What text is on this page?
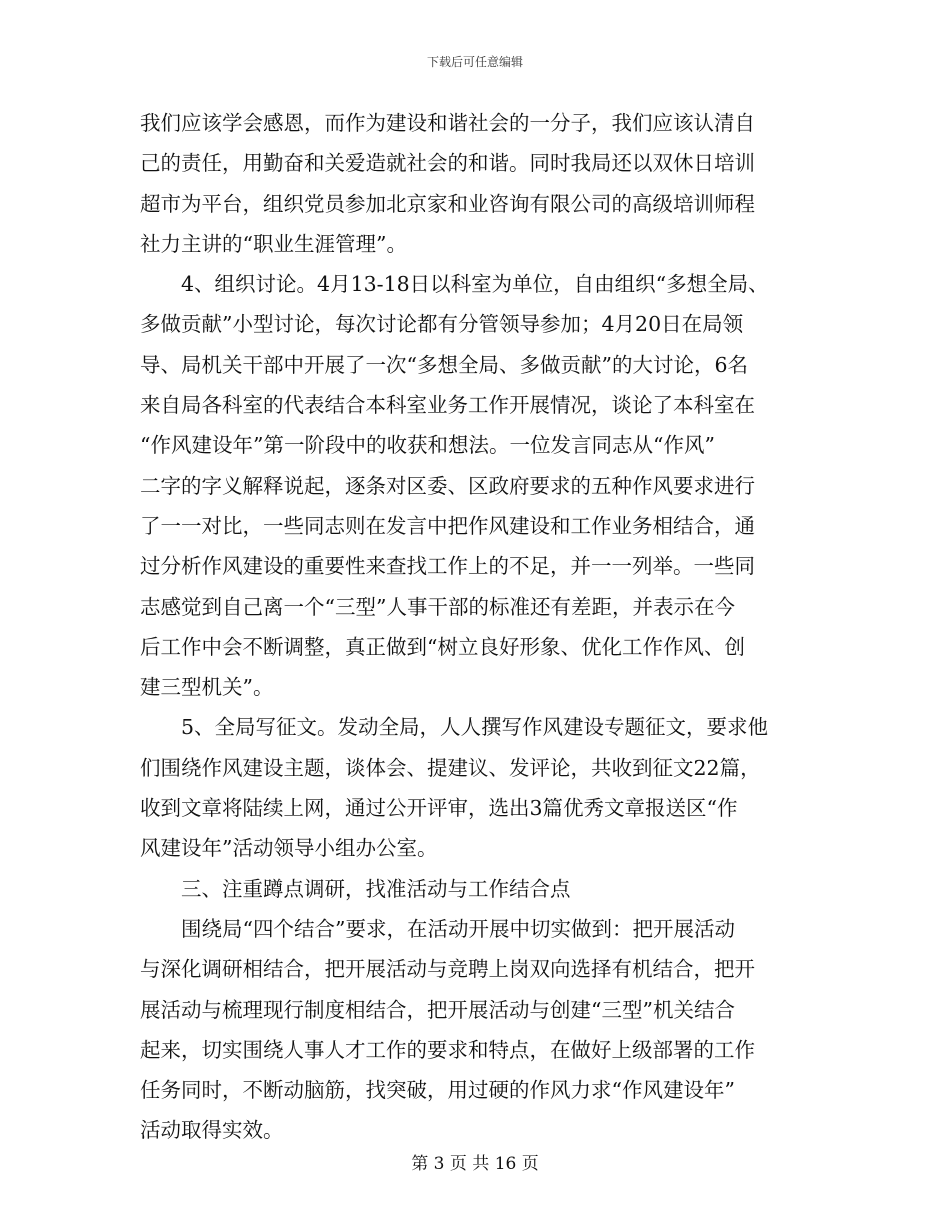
下载后可任意编辑
我们应该学会感恩，而作为建设和谐社会的一分子，我们应该认清自
己的责任，用勤奋和关爱造就社会的和谐。同时我局还以双休日培训
超市为平台，组织党员参加北京家和业咨询有限公司的高级培训师程
社力主讲的“职业生涯管理”。
　　4、组织讨论。4月13-18日以科室为单位，自由组织“多想全局、
多做贡献”小型讨论，每次讨论都有分管领导参加；4月20日在局领
导、局机关干部中开展了一次“多想全局、多做贡献”的大讨论，6名
来自局各科室的代表结合本科室业务工作开展情况，谈论了本科室在
“作风建设年”第一阶段中的收获和想法。一位发言同志从“作风”
二字的字义解释说起，逐条对区委、区政府要求的五种作风要求进行
了一一对比，一些同志则在发言中把作风建设和工作业务相结合，通
过分析作风建设的重要性来查找工作上的不足，并一一列举。一些同
志感觉到自己离一个“三型”人事干部的标准还有差距，并表示在今
后工作中会不断调整，真正做到“树立良好形象、优化工作作风、创
建三型机关”。
　　5、全局写征文。发动全局，人人撰写作风建设专题征文，要求他
们围绕作风建设主题，谈体会、提建议、发评论，共收到征文22篇，
收到文章将陆续上网，通过公开评审，选出3篇优秀文章报送区“作
风建设年”活动领导小组办公室。
　　三、注重蹲点调研，找准活动与工作结合点
　　围绕局“四个结合”要求，在活动开展中切实做到：把开展活动
与深化调研相结合，把开展活动与竞聘上岗双向选择有机结合，把开
展活动与梳理现行制度相结合，把开展活动与创建“三型”机关结合
起来，切实围绕人事人才工作的要求和特点，在做好上级部署的工作
任务同时，不断动脑筋，找突破，用过硬的作风力求“作风建设年”
活动取得实效。
第 3 页 共 16 页
